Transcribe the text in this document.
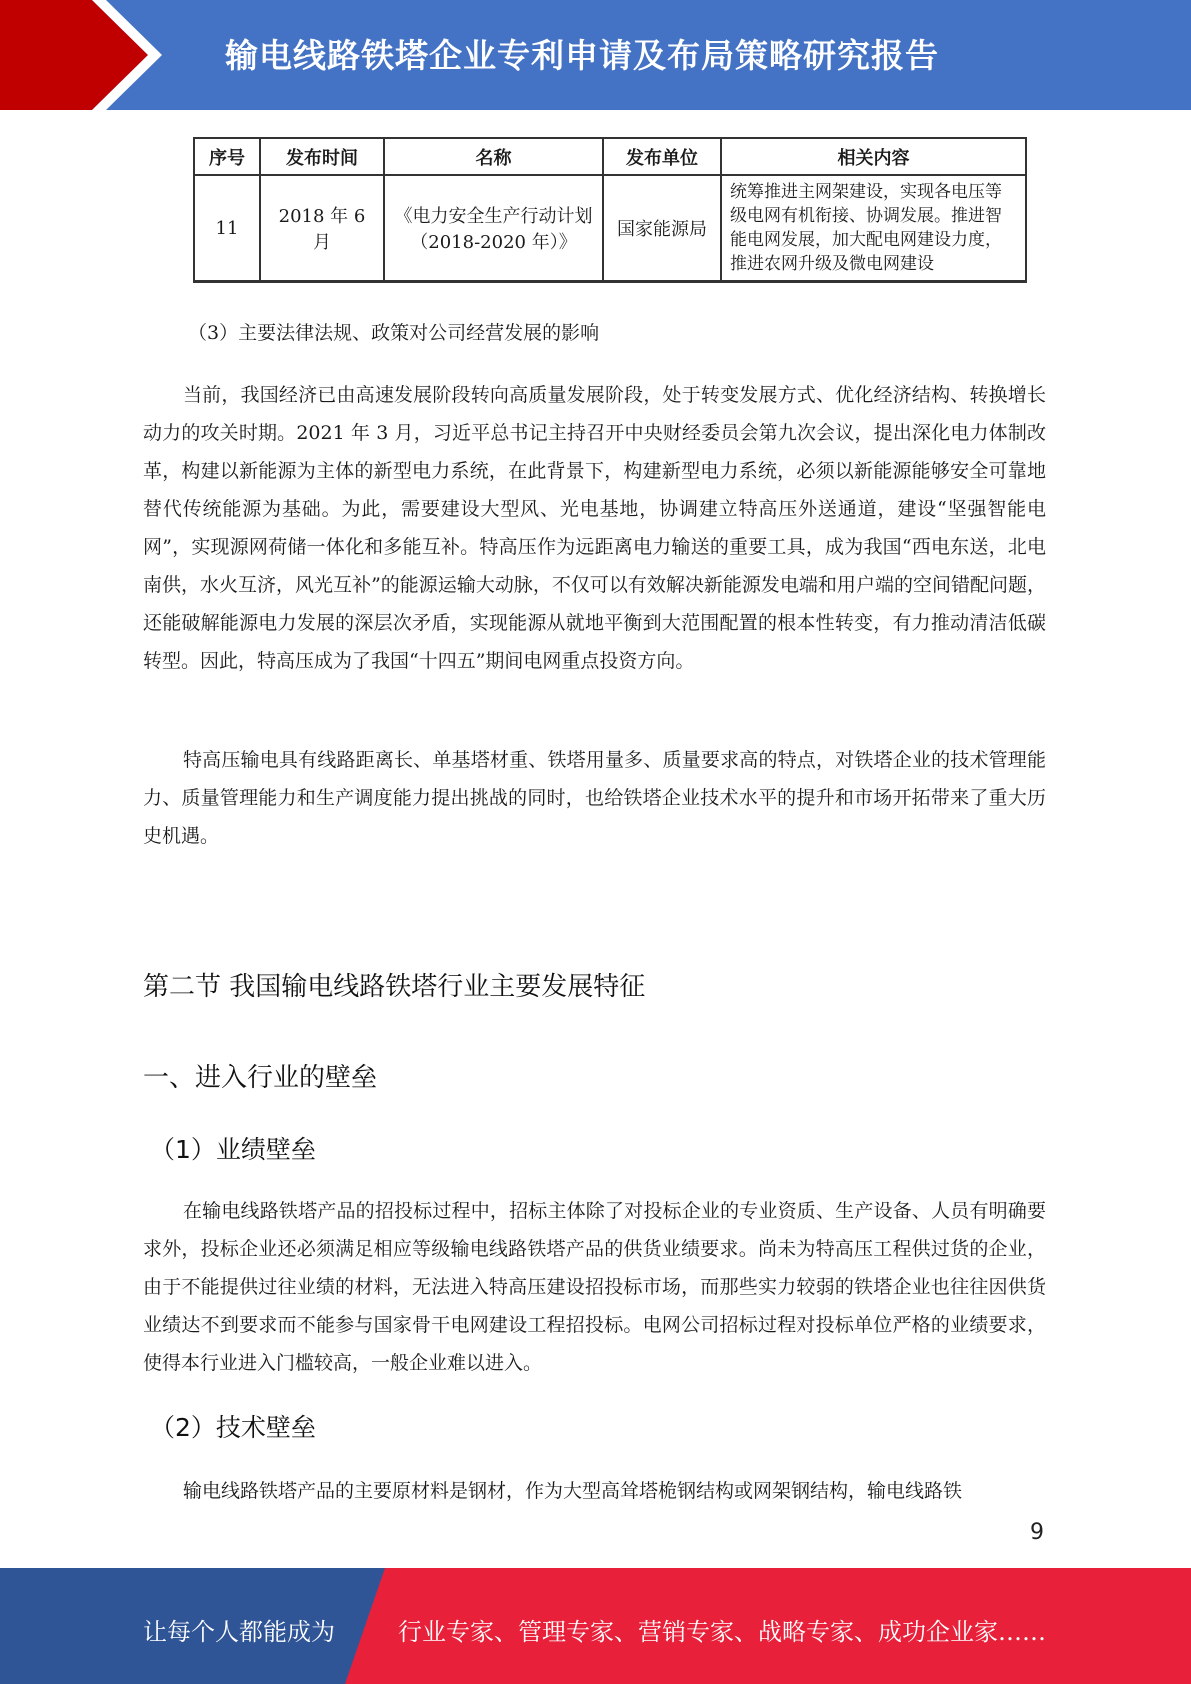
输电线路铁塔企业专利申请及布局策略研究报告
序号	发布时间	名称	发布单位	相关内容
11	2018 年 6 月	《电力安全生产行动计划（2018-2020 年）》	国家能源局	统筹推进主网架建设，实现各电压等级电网有机衔接、协调发展。推进智能电网发展，加大配电网建设力度，推进农网升级及微电网建设
（3）主要法律法规、政策对公司经营发展的影响

当前，我国经济已由高速发展阶段转向高质量发展阶段，处于转变发展方式、优化经济结构、转换增长动力的攻关时期。2021 年 3 月，习近平总书记主持召开中央财经委员会第九次会议，提出深化电力体制改革，构建以新能源为主体的新型电力系统，在此背景下，构建新型电力系统，必须以新能源能够安全可靠地替代传统能源为基础。为此，需要建设大型风、光电基地，协调建立特高压外送通道，建设“坚强智能电网”，实现源网荷储一体化和多能互补。特高压作为远距离电力输送的重要工具，成为我国“西电东送，北电南供，水火互济，风光互补”的能源运输大动脉，不仅可以有效解决新能源发电端和用户端的空间错配问题，还能破解能源电力发展的深层次矛盾，实现能源从就地平衡到大范围配置的根本性转变，有力推动清洁低碳转型。因此，特高压成为了我国“十四五”期间电网重点投资方向。

特高压输电具有线路距离长、单基塔材重、铁塔用量多、质量要求高的特点，对铁塔企业的技术管理能力、质量管理能力和生产调度能力提出挑战的同时，也给铁塔企业技术水平的提升和市场开拓带来了重大历史机遇。

第二节 我国输电线路铁塔行业主要发展特征
一、进入行业的壁垒
（1）业绩壁垒

在输电线路铁塔产品的招投标过程中，招标主体除了对投标企业的专业资质、生产设备、人员有明确要求外，投标企业还必须满足相应等级输电线路铁塔产品的供货业绩要求。尚未为特高压工程供过货的企业，由于不能提供过往业绩的材料，无法进入特高压建设招投标市场，而那些实力较弱的铁塔企业也往往因供货业绩达不到要求而不能参与国家骨干电网建设工程招投标。电网公司招标过程对投标单位严格的业绩要求，使得本行业进入门槛较高，一般企业难以进入。

（2）技术壁垒

输电线路铁塔产品的主要原材料是钢材，作为大型高耸塔桅钢结构或网架钢结构，输电线路铁

9
让每个人都能成为	行业专家、管理专家、营销专家、战略专家、成功企业家……
